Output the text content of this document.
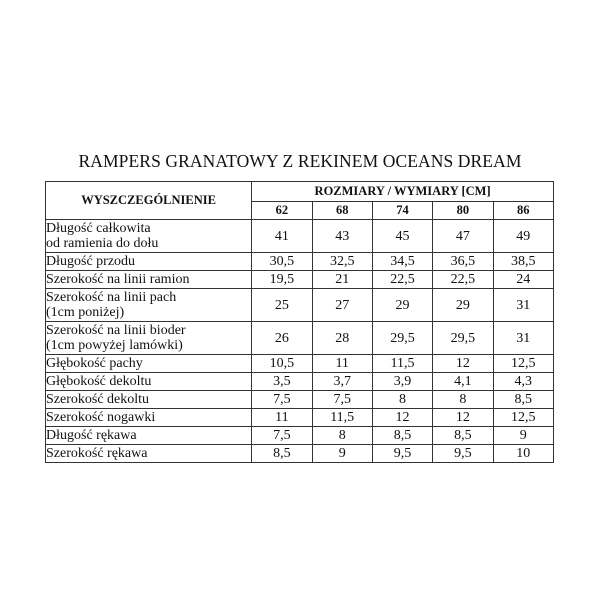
RAMPERS GRANATOWY Z REKINEM OCEANS DREAM
WYSZCZEGÓLNIENIE	ROZMIARY / WYMIARY [CM]				
	62	68	74	80	86

Długość całkowita
od ramienia do dołu	41	43	45	47	49

Długość przodu	30,5	32,5	34,5	36,5	38,5

Szerokość na linii ramion	19,5	21	22,5	22,5	24

Szerokość na linii pach
(1cm poniżej)	25	27	29	29	31

Szerokość na linii bioder
(1cm powyżej lamówki)	26	28	29,5	29,5	31

Głębokość pachy	10,5	11	11,5	12	12,5

Głębokość dekoltu	3,5	3,7	3,9	4,1	4,3

Szerokość dekoltu	7,5	7,5	8	8	8,5

Szerokość nogawki	11	11,5	12	12	12,5

Długość rękawa	7,5	8	8,5	8,5	9

Szerokość rękawa	8,5	9	9,5	9,5	10
